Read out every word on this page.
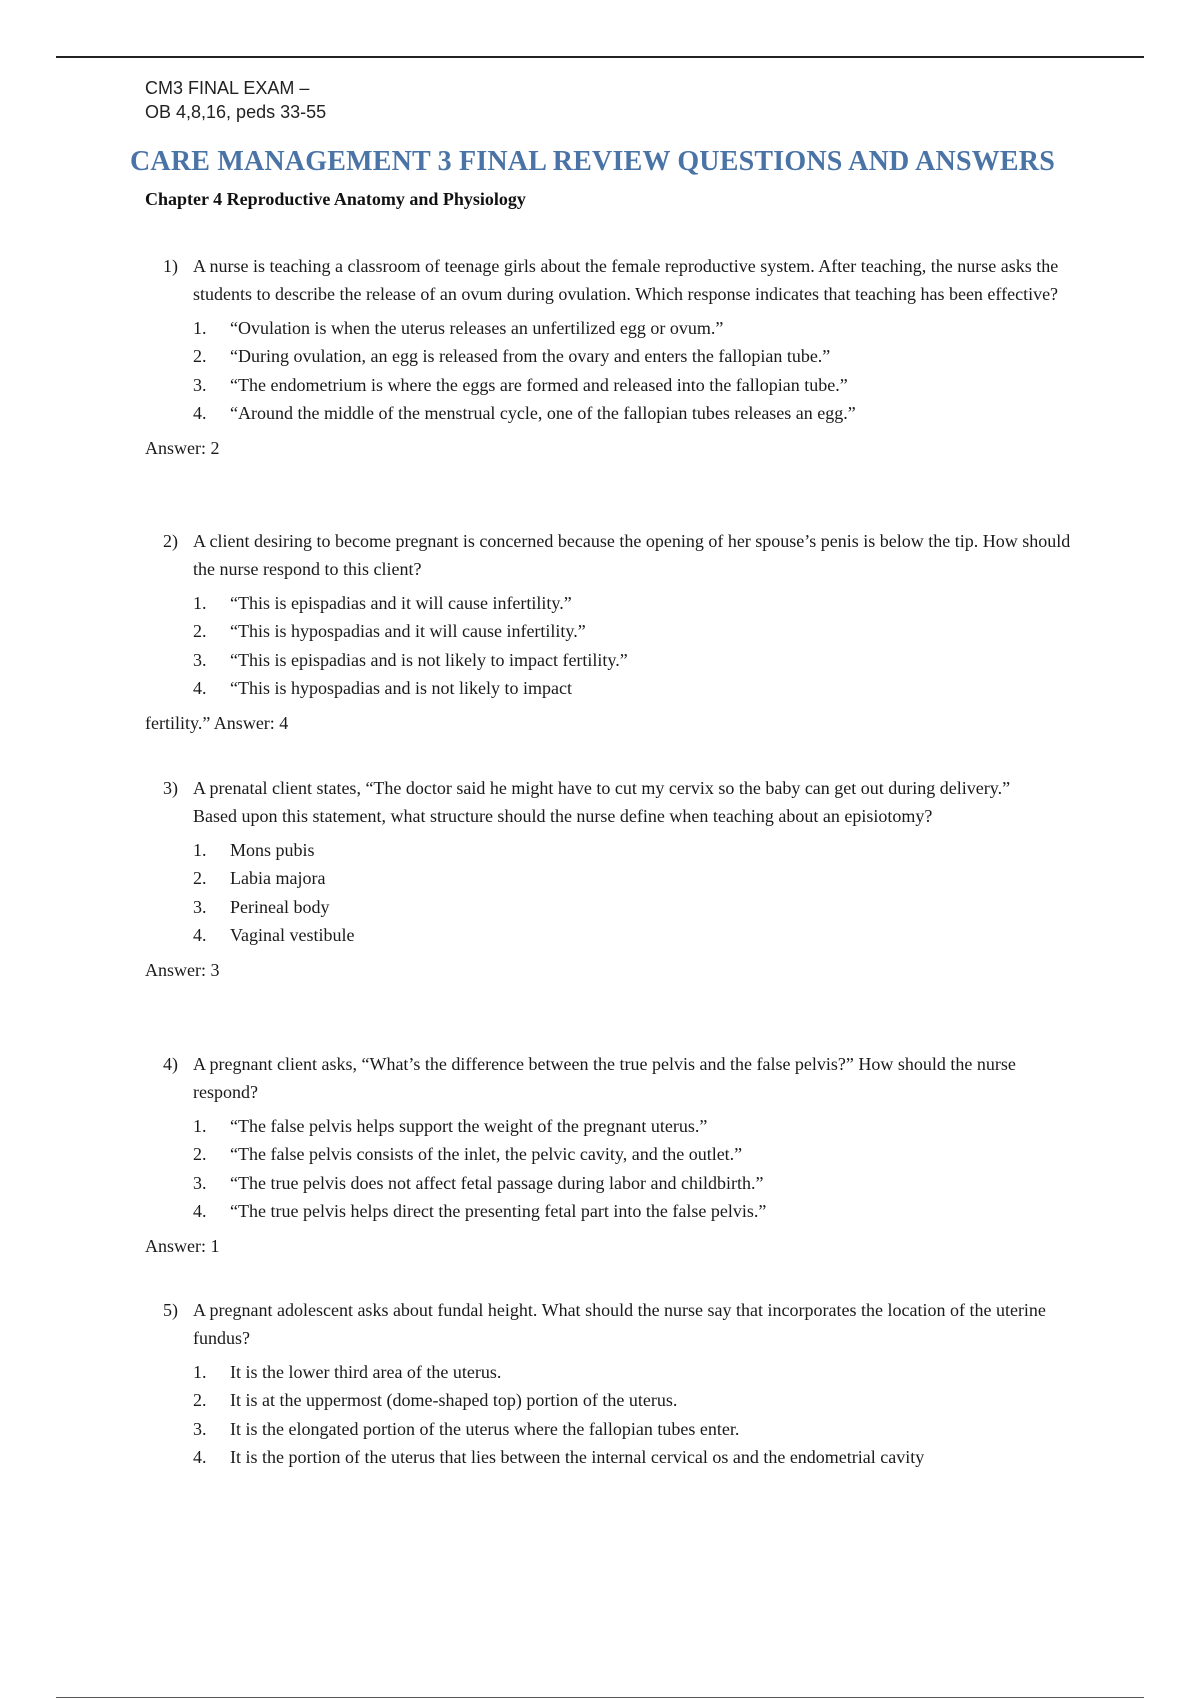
CM3 FINAL EXAM –
OB 4,8,16, peds 33-55
CARE MANAGEMENT 3 FINAL REVIEW QUESTIONS AND ANSWERS
Chapter 4 Reproductive Anatomy and Physiology
1) A nurse is teaching a classroom of teenage girls about the female reproductive system. After teaching, the nurse asks the students to describe the release of an ovum during ovulation. Which response indicates that teaching has been effective?
1. “Ovulation is when the uterus releases an unfertilized egg or ovum.”
2. “During ovulation, an egg is released from the ovary and enters the fallopian tube.”
3. “The endometrium is where the eggs are formed and released into the fallopian tube.”
4. “Around the middle of the menstrual cycle, one of the fallopian tubes releases an egg.”
Answer: 2
2) A client desiring to become pregnant is concerned because the opening of her spouse’s penis is below the tip. How should the nurse respond to this client?
1. “This is epispadias and it will cause infertility.”
2. “This is hypospadias and it will cause infertility.”
3. “This is epispadias and is not likely to impact fertility.”
4. “This is hypospadias and is not likely to impact
fertility.” Answer: 4
3) A prenatal client states, “The doctor said he might have to cut my cervix so the baby can get out during delivery.” Based upon this statement, what structure should the nurse define when teaching about an episiotomy?
1. Mons pubis
2. Labia majora
3. Perineal body
4. Vaginal vestibule
Answer: 3
4) A pregnant client asks, “What’s the difference between the true pelvis and the false pelvis?” How should the nurse respond?
1. “The false pelvis helps support the weight of the pregnant uterus.”
2. “The false pelvis consists of the inlet, the pelvic cavity, and the outlet.”
3. “The true pelvis does not affect fetal passage during labor and childbirth.”
4. “The true pelvis helps direct the presenting fetal part into the false pelvis.”
Answer: 1
5) A pregnant adolescent asks about fundal height. What should the nurse say that incorporates the location of the uterine fundus?
1. It is the lower third area of the uterus.
2. It is at the uppermost (dome-shaped top) portion of the uterus.
3. It is the elongated portion of the uterus where the fallopian tubes enter.
4. It is the portion of the uterus that lies between the internal cervical os and the endometrial cavity
